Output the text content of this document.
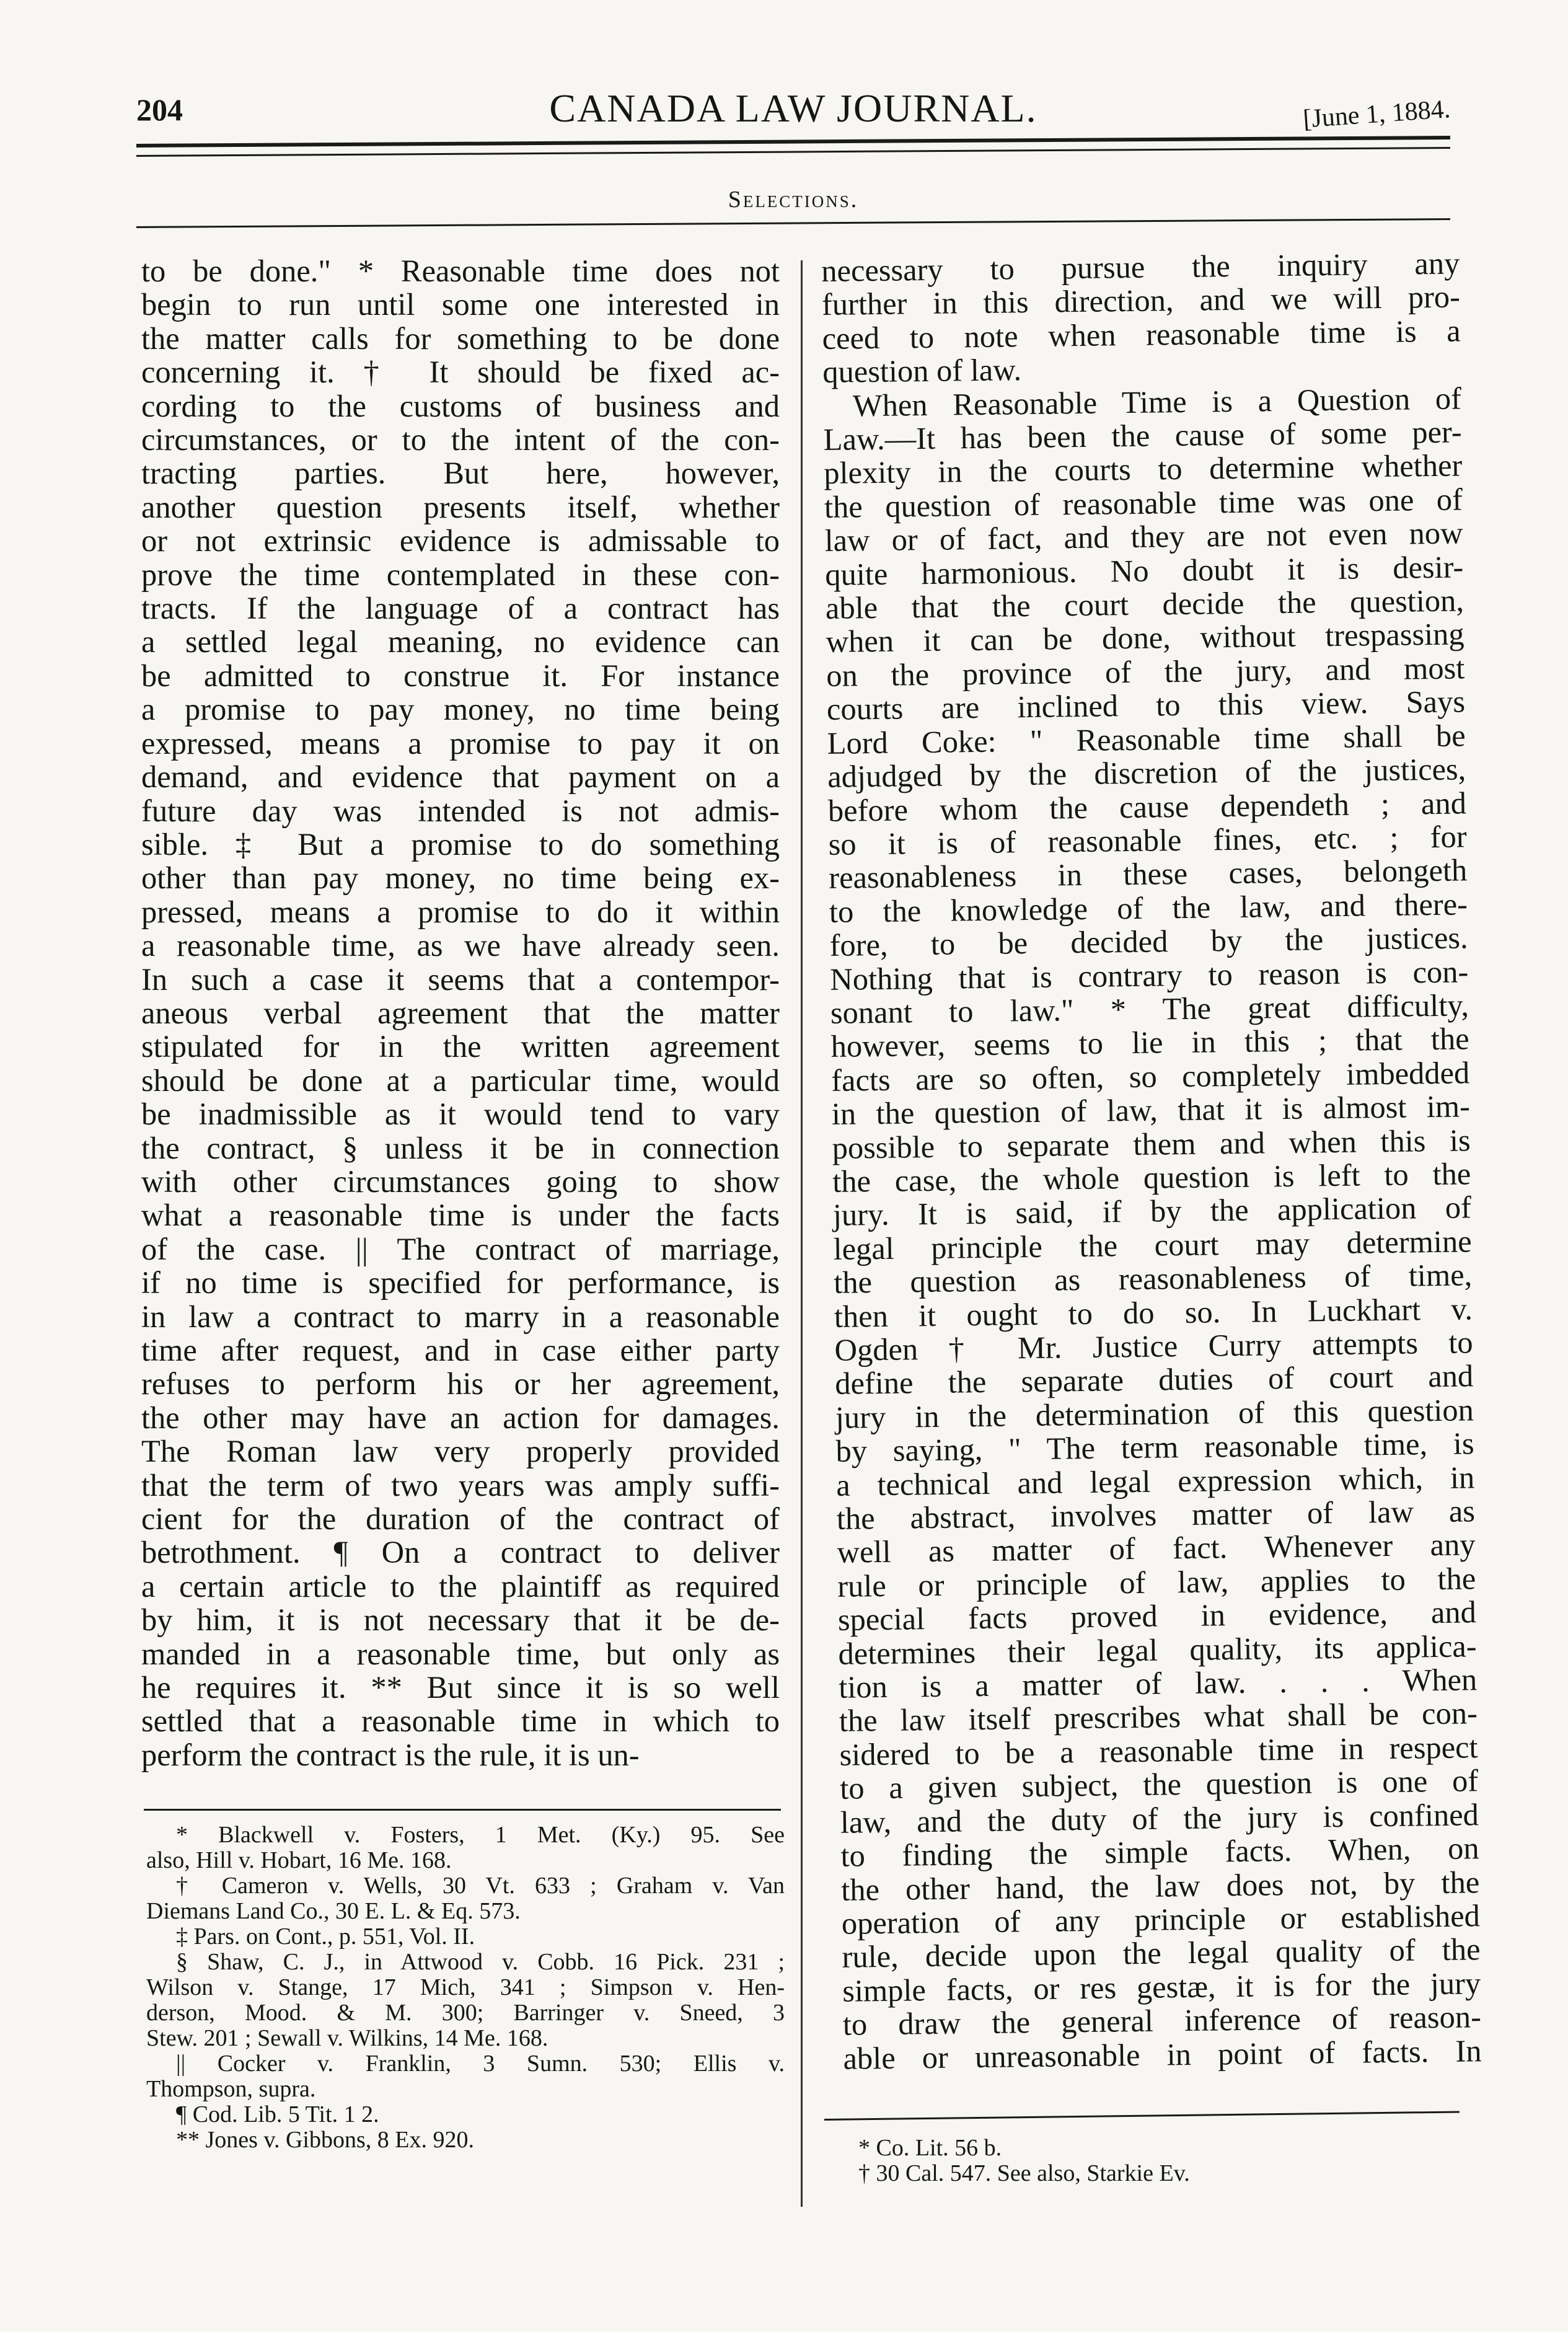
204	CANADA LAW JOURNAL.	[June 1, 1884.
Selections.
to be done." * Reasonable time does not
begin to run until some one interested in
the matter calls for something to be done
concerning it. † It should be fixed ac-
cording to the customs of business and
circumstances, or to the intent of the con-
tracting parties. But here, however,
another question presents itself, whether
or not extrinsic evidence is admissable to
prove the time contemplated in these con-
tracts. If the language of a contract has
a settled legal meaning, no evidence can
be admitted to construe it. For instance
a promise to pay money, no time being
expressed, means a promise to pay it on
demand, and evidence that payment on a
future day was intended is not admis-
sible. ‡ But a promise to do something
other than pay money, no time being ex-
pressed, means a promise to do it within
a reasonable time, as we have already seen.
In such a case it seems that a contempor-
aneous verbal agreement that the matter
stipulated for in the written agreement
should be done at a particular time, would
be inadmissible as it would tend to vary
the contract, § unless it be in connection
with other circumstances going to show
what a reasonable time is under the facts
of the case. || The contract of marriage,
if no time is specified for performance, is
in law a contract to marry in a reasonable
time after request, and in case either party
refuses to perform his or her agreement,
the other may have an action for damages.
The Roman law very properly provided
that the term of two years was amply suffi-
cient for the duration of the contract of
betrothment. ¶ On a contract to deliver
a certain article to the plaintiff as required
by him, it is not necessary that it be de-
manded in a reasonable time, but only as
he requires it. ** But since it is so well
settled that a reasonable time in which to
perform the contract is the rule, it is un-
necessary to pursue the inquiry any
further in this direction, and we will pro-
ceed to note when reasonable time is a
question of law.
When Reasonable Time is a Question of
Law.—It has been the cause of some per-
plexity in the courts to determine whether
the question of reasonable time was one of
law or of fact, and they are not even now
quite harmonious. No doubt it is desir-
able that the court decide the question,
when it can be done, without trespassing
on the province of the jury, and most
courts are inclined to this view. Says
Lord Coke: " Reasonable time shall be
adjudged by the discretion of the justices,
before whom the cause dependeth ; and
so it is of reasonable fines, etc. ; for
reasonableness in these cases, belongeth
to the knowledge of the law, and there-
fore, to be decided by the justices.
Nothing that is contrary to reason is con-
sonant to law." * The great difficulty,
however, seems to lie in this ; that the
facts are so often, so completely imbedded
in the question of law, that it is almost im-
possible to separate them and when this is
the case, the whole question is left to the
jury. It is said, if by the application of
legal principle the court may determine
the question as reasonableness of time,
then it ought to do so. In Luckhart v.
Ogden † Mr. Justice Curry attempts to
define the separate duties of court and
jury in the determination of this question
by saying, " The term reasonable time, is
a technical and legal expression which, in
the abstract, involves matter of law as
well as matter of fact. Whenever any
rule or principle of law, applies to the
special facts proved in evidence, and
determines their legal quality, its applica-
tion is a matter of law. . . . When
the law itself prescribes what shall be con-
sidered to be a reasonable time in respect
to a given subject, the question is one of
law, and the duty of the jury is confined
to finding the simple facts. When, on
the other hand, the law does not, by the
operation of any principle or established
rule, decide upon the legal quality of the
simple facts, or res gestæ, it is for the jury
to draw the general inference of reason-
able or unreasonable in point of facts. In
* Blackwell v. Fosters, 1 Met. (Ky.) 95. See
also, Hill v. Hobart, 16 Me. 168.
† Cameron v. Wells, 30 Vt. 633 ; Graham v. Van
Diemans Land Co., 30 E. L. & Eq. 573.
‡ Pars. on Cont., p. 551, Vol. II.
§ Shaw, C. J., in Attwood v. Cobb. 16 Pick. 231 ;
Wilson v. Stange, 17 Mich, 341 ; Simpson v. Hen-
derson, Mood. & M. 300; Barringer v. Sneed, 3
Stew. 201 ; Sewall v. Wilkins, 14 Me. 168.
|| Cocker v. Franklin, 3 Sumn. 530; Ellis v.
Thompson, supra.
¶ Cod. Lib. 5 Tit. 1 2.
** Jones v. Gibbons, 8 Ex. 920.	* Co. Lit. 56 b.
† 30 Cal. 547. See also, Starkie Ev.
